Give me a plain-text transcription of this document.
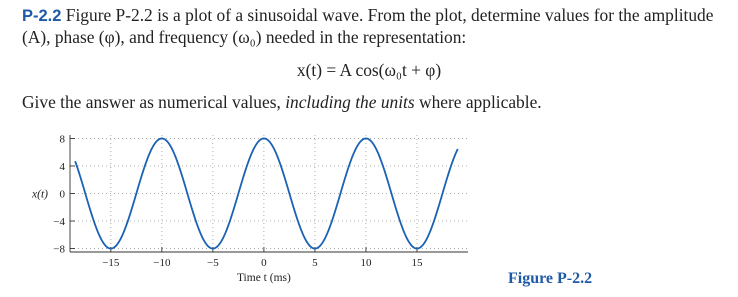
P-2.2 Figure P-2.2 is a plot of a sinusoidal wave. From the plot, determine values for the amplitude (A), phase (φ), and frequency (ω₀) needed in the representation:
x(t) = A cos(ω₀t + φ)
Give the answer as numerical values, including the units where applicable.
−15	−10	−5	0	5	10	15
8
4
0
−4
−8
x(t)
Time t (ms)	Figure P-2.2
